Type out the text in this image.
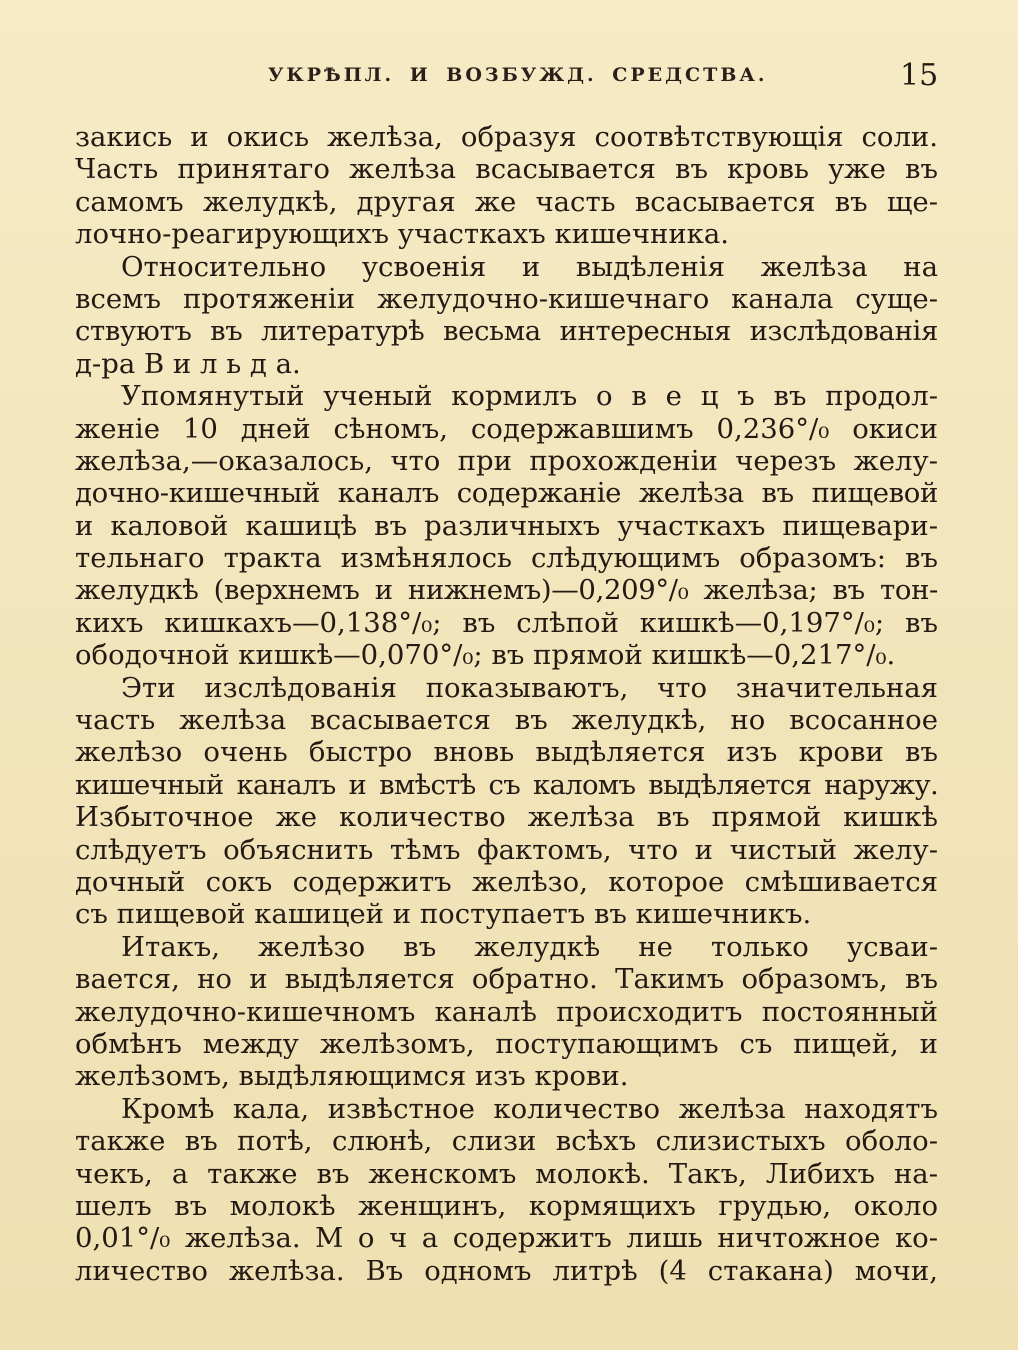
УКРѢПЛ. И ВОЗБУЖД. СРЕДСТВА.	15
закись и окись желѣза, образуя соотвѣтствующія соли.
Часть принятаго желѣза всасывается въ кровь уже въ
самомъ желудкѣ, другая же часть всасывается въ ще-
лочно-реагирующихъ участкахъ кишечника.
Относительно усвоенія и выдѣленія желѣза на
всемъ протяженіи желудочно-кишечнаго канала суще-
ствуютъ въ литературѣ весьма интересныя изслѣдованія
д-ра В и л ь д а.
Упомянутый ученый кормилъ о в е ц ъ въ продол-
женіе 10 дней сѣномъ, содержавшимъ 0,236°/₀ окиси
желѣза,—оказалось, что при прохожденіи черезъ желу-
дочно-кишечный каналъ содержаніе желѣза въ пищевой
и каловой кашицѣ въ различныхъ участкахъ пищевари-
тельнаго тракта измѣнялось слѣдующимъ образомъ: въ
желудкѣ (верхнемъ и нижнемъ)—0,209°/₀ желѣза; въ тон-
кихъ кишкахъ—0,138°/₀; въ слѣпой кишкѣ—0,197°/₀; въ
ободочной кишкѣ—0,070°/₀; въ прямой кишкѣ—0,217°/₀.
Эти изслѣдованія показываютъ, что значительная
часть желѣза всасывается въ желудкѣ, но всосанное
желѣзо очень быстро вновь выдѣляется изъ крови въ
кишечный каналъ и вмѣстѣ съ каломъ выдѣляется наружу.
Избыточное же количество желѣза въ прямой кишкѣ
слѣдуетъ объяснить тѣмъ фактомъ, что и чистый желу-
дочный сокъ содержитъ желѣзо, которое смѣшивается
съ пищевой кашицей и поступаетъ въ кишечникъ.
Итакъ, желѣзо въ желудкѣ не только усваи-
вается, но и выдѣляется обратно. Такимъ образомъ, въ
желудочно-кишечномъ каналѣ происходитъ постоянный
обмѣнъ между желѣзомъ, поступающимъ съ пищей, и
желѣзомъ, выдѣляющимся изъ крови.
Кромѣ кала, извѣстное количество желѣза находятъ
также въ потѣ, слюнѣ, слизи всѣхъ слизистыхъ оболо-
чекъ, а также въ женскомъ молокѣ. Такъ, Либихъ на-
шелъ въ молокѣ женщинъ, кормящихъ грудью, около
0,01°/₀ желѣза. М о ч а содержитъ лишь ничтожное ко-
личество желѣза. Въ одномъ литрѣ (4 стакана) мочи,
